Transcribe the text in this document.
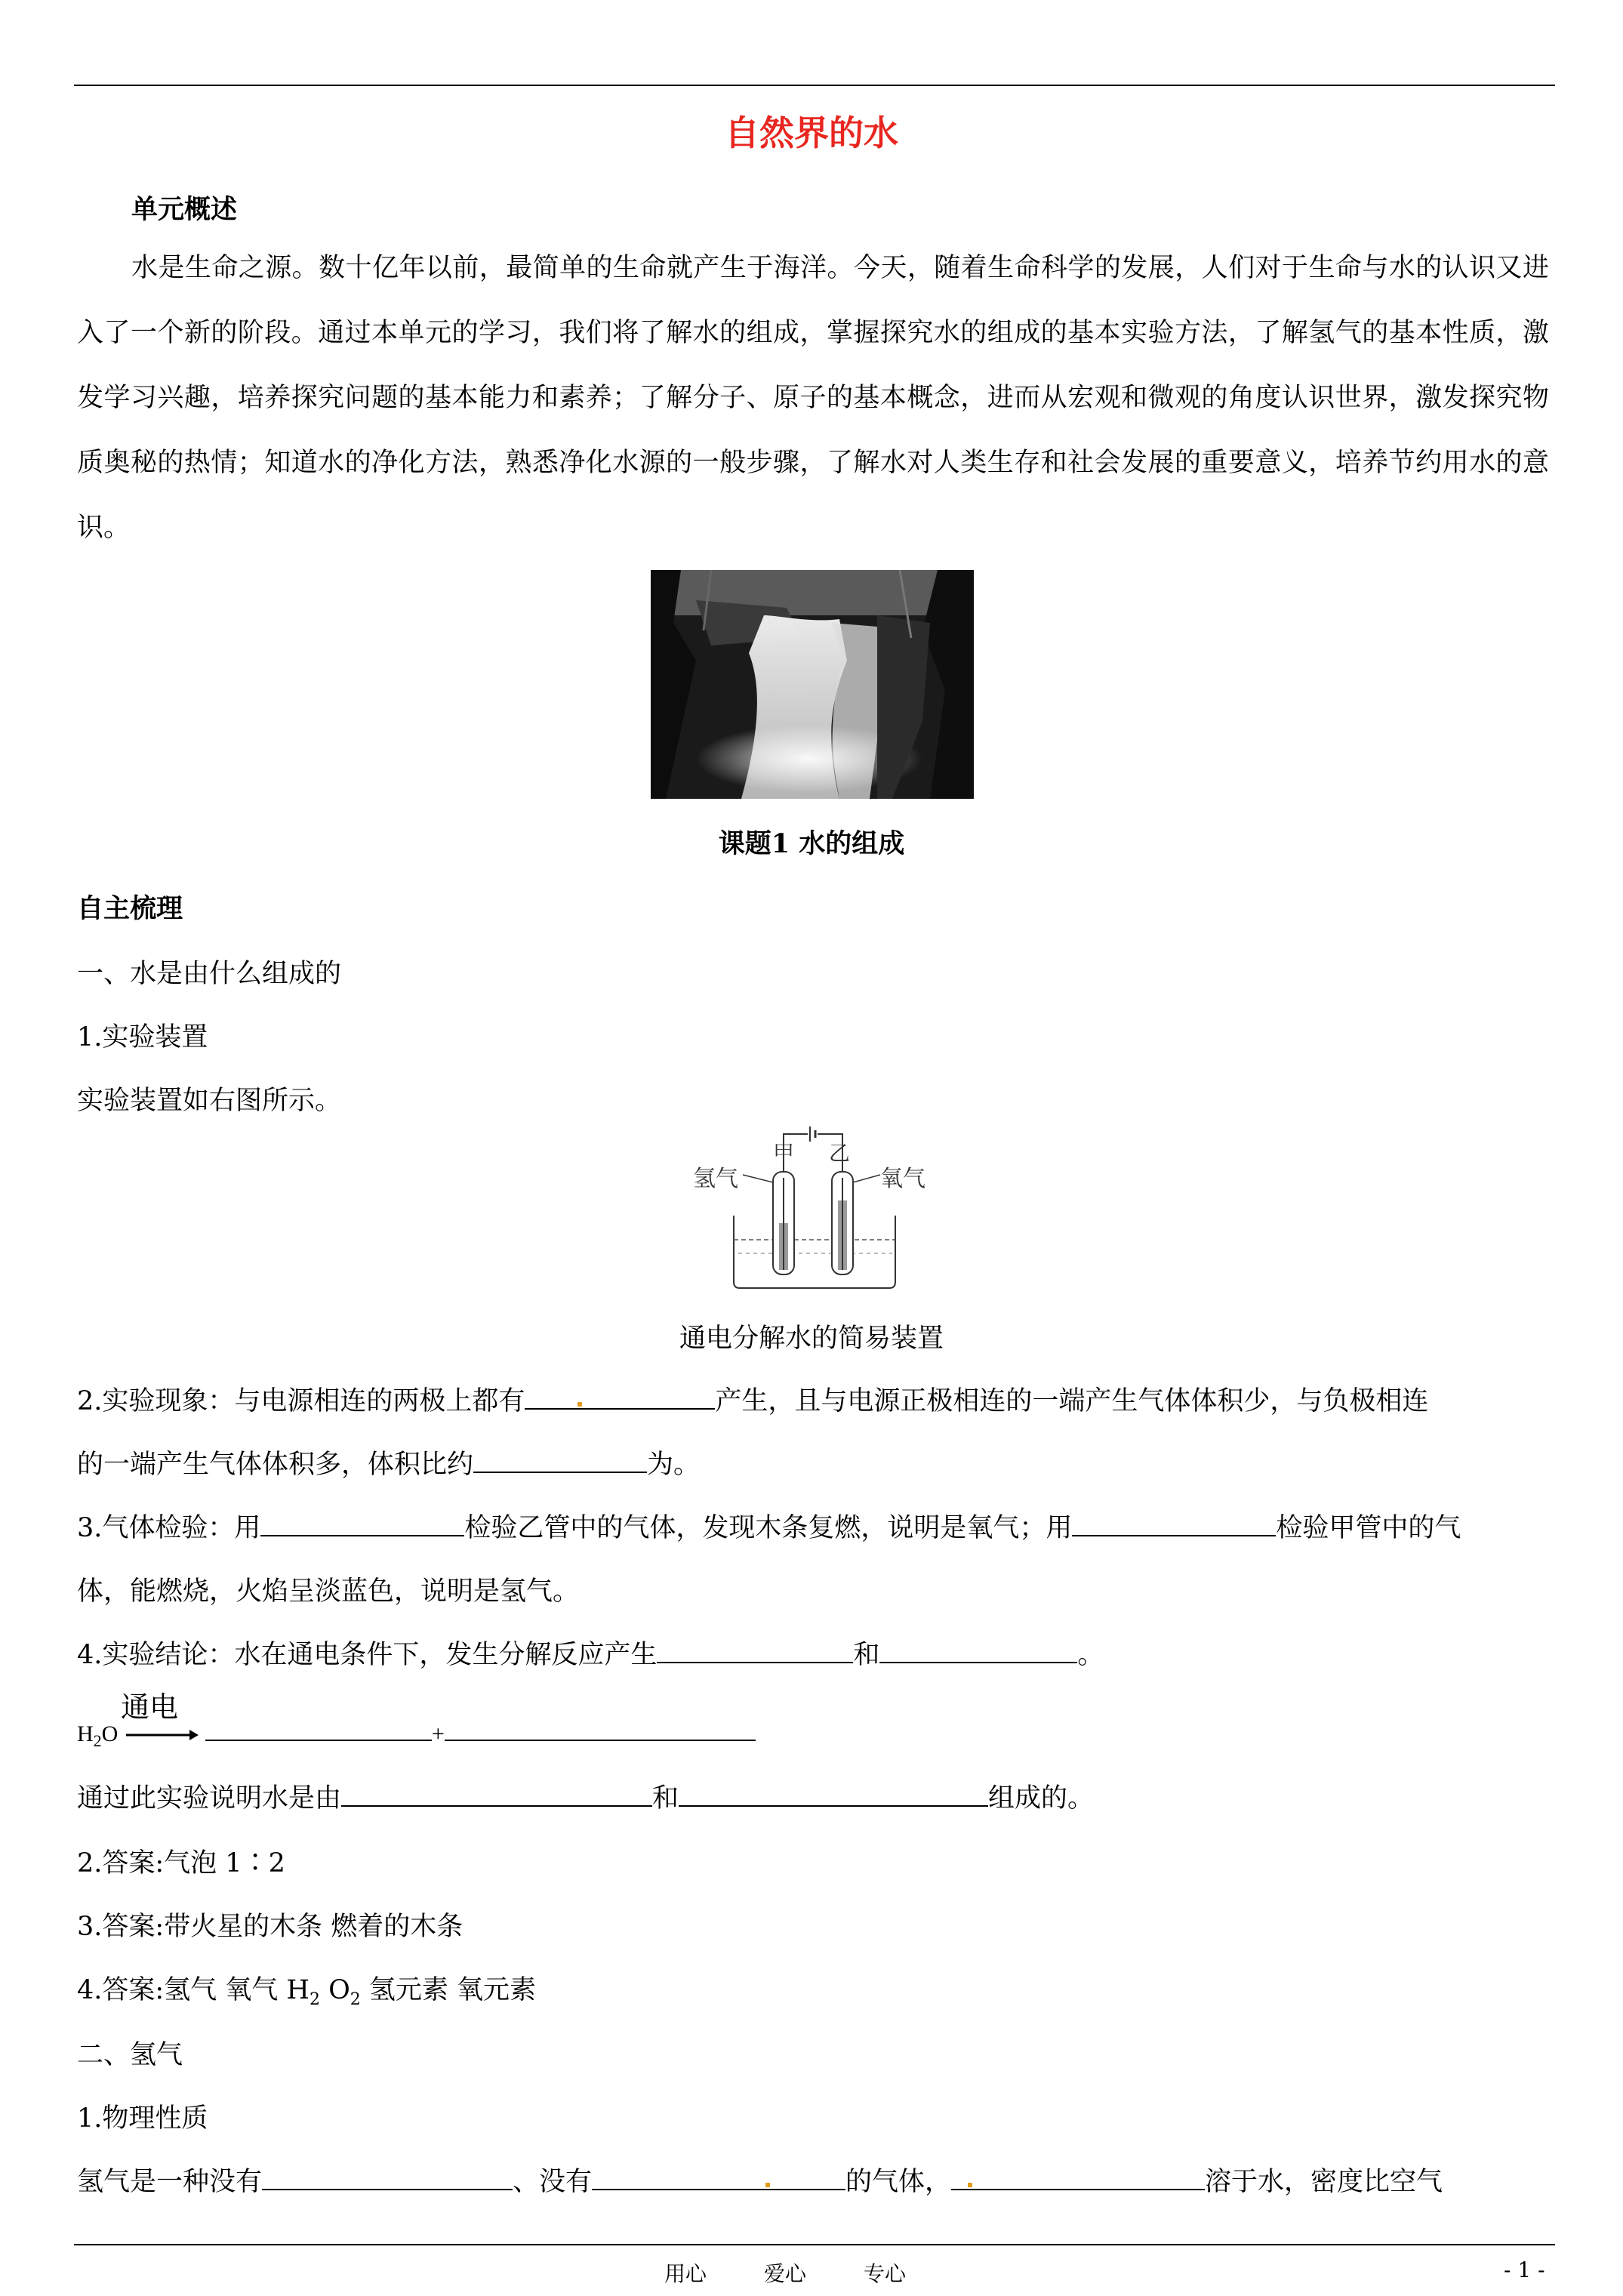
自然界的水
单元概述
水是生命之源。数十亿年以前，最简单的生命就产生于海洋。今天，随着生命科学的发展，人们对于生命与水的认识又进入了一个新的阶段。通过本单元的学习，我们将了解水的组成，掌握探究水的组成的基本实验方法，了解氢气的基本性质，激发学习兴趣，培养探究问题的基本能力和素养；了解分子、原子的基本概念，进而从宏观和微观的角度认识世界，激发探究物质奥秘的热情；知道水的净化方法，熟悉净化水源的一般步骤，了解水对人类生存和社会发展的重要意义，培养节约用水的意识。
课题1 水的组成
自主梳理
一、水是由什么组成的
1.实验装置
实验装置如右图所示。
氢气	氧气
甲 乙
通电分解水的简易装置
2.实验现象：与电源相连的两极上都有	产生，且与电源正极相连的一端产生气体体积少，与负极相连
的一端产生气体体积多，体积比约	为。
3.气体检验：用	检验乙管中的气体，发现木条复燃，说明是氧气；用	检验甲管中的气
体，能燃烧，火焰呈淡蓝色，说明是氢气。
4.实验结论：水在通电条件下，发生分解反应产生	和	。
通电
$H_2O$ →	+
通过此实验说明水是由	和	组成的。
2.答案:气泡 1∶2
3.答案:带火星的木条 燃着的木条
4.答案:氢气 氧气 $H_2$ $O_2$ 氢元素 氧元素
二、氢气
1.物理性质
氢气是一种没有	、没有	的气体，	溶于水，密度比空气
用心	爱心	专心	- 1 -
